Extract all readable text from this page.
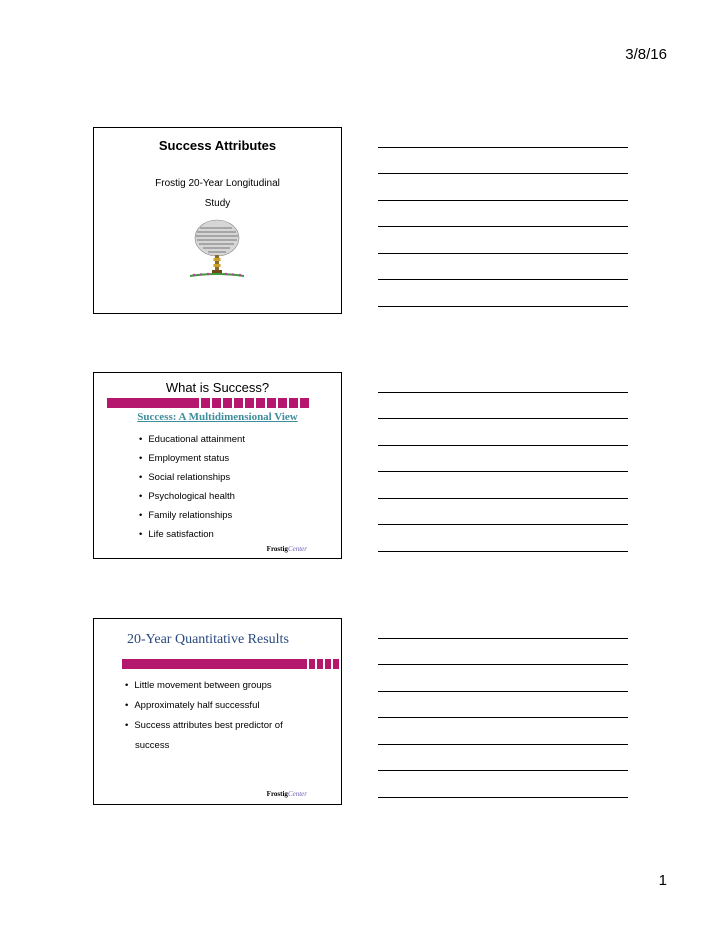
3/8/16
Success Attributes
Frostig 20-Year Longitudinal
Study
What is Success?
Success: A Multidimensional View
• Educational attainment
• Employment status
• Social relationships
• Psychological health
• Family relationships
• Life satisfaction
FrostigCenter
20-Year Quantitative Results
• Little movement between groups
• Approximately half successful
• Success attributes best predictor of
success
FrostigCenter
1
